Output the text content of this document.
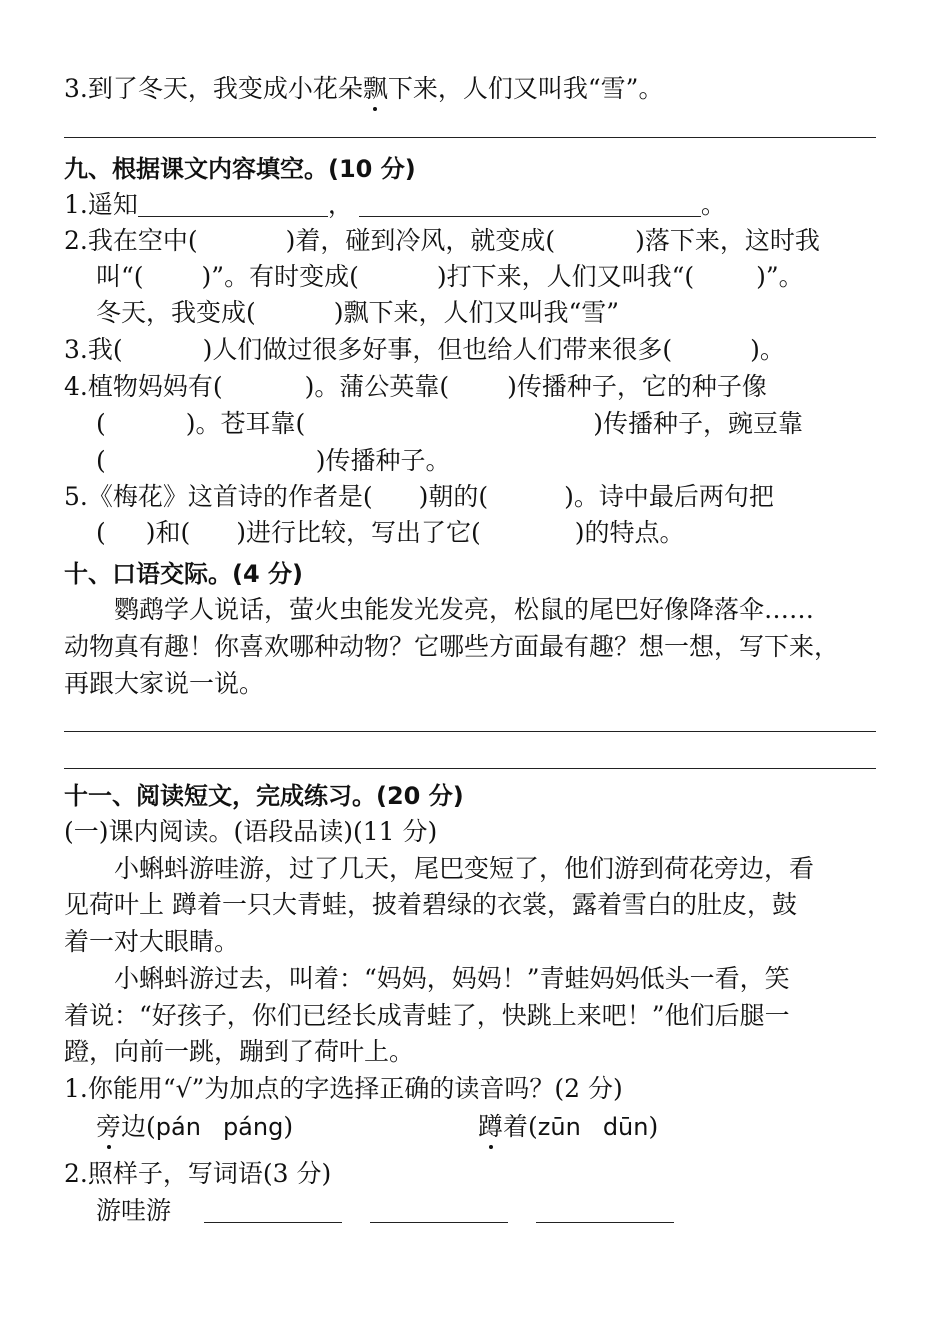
3.到了冬天，我变成小花朵飘下来，人们又叫我“雪”。
九、根据课文内容填空。(10 分)
1.遥知	，	。
2.我在空中(	)着，碰到冷风，就变成(	)落下来，这时我
叫“( )”。有时变成(	)打下来，人们又叫我“( )”。
冬天，我变成(	)飘下来，人们又叫我“雪”
3.我(	)人们做过很多好事，但也给人们带来很多(	)。
4.植物妈妈有(	)。蒲公英靠( )传播种子，它的种子像
(	)。苍耳靠(	)传播种子，豌豆靠
(	)传播种子。
5.《梅花》这首诗的作者是( )朝的(	)。诗中最后两句把
( )和( )进行比较，写出了它(	)的特点。
十、口语交际。(4 分)
鹦鹉学人说话，萤火虫能发光发亮，松鼠的尾巴好像降落伞……
动物真有趣！你喜欢哪种动物？它哪些方面最有趣？想一想，写下来，
再跟大家说一说。
十一、阅读短文，完成练习。(20 分)
(一)课内阅读。(语段品读)(11 分)
小蝌蚪游哇游，过了几天，尾巴变短了，他们游到荷花旁边，看
见荷叶上 蹲着一只大青蛙，披着碧绿的衣裳，露着雪白的肚皮，鼓
着一对大眼睛。
小蝌蚪游过去，叫着：“妈妈，妈妈！”青蛙妈妈低头一看，笑
着说：“好孩子，你们已经长成青蛙了，快跳上来吧！”他们后腿一
蹬，向前一跳，蹦到了荷叶上。
1.你能用“√”为加点的字选择正确的读音吗？(2 分)
旁边(pán páng)	蹲着(zūn dūn)
2.照样子，写词语(3 分)
游哇游
